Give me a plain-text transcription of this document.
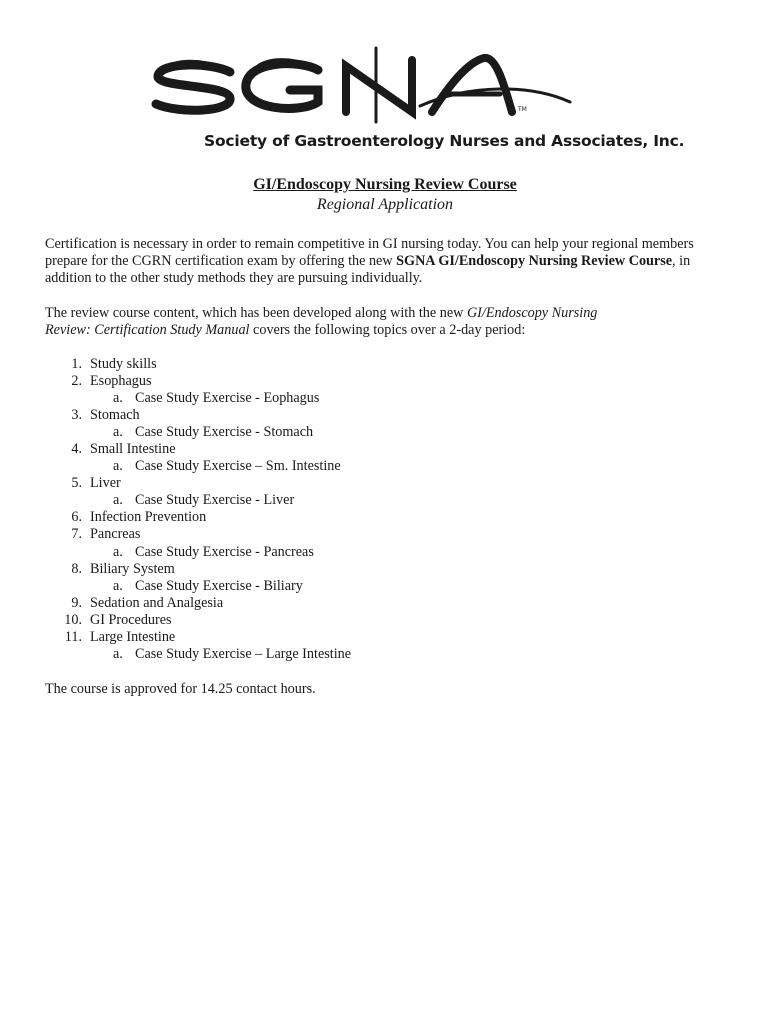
TM
Society of Gastroenterology Nurses and Associates, Inc.
GI/Endoscopy Nursing Review Course
Regional Application
Certification is necessary in order to remain competitive in GI nursing today. You can help your regional members
prepare for the CGRN certification exam by offering the new SGNA GI/Endoscopy Nursing Review Course, in
addition to the other study methods they are pursuing individually.
The review course content, which has been developed along with the new GI/Endoscopy Nursing
Review: Certification Study Manual covers the following topics over a 2-day period:
1. Study skills
2. Esophagus
a. Case Study Exercise - Eophagus
3. Stomach
a. Case Study Exercise - Stomach
4. Small Intestine
a. Case Study Exercise – Sm. Intestine
5. Liver
a. Case Study Exercise - Liver
6. Infection Prevention
7. Pancreas
a. Case Study Exercise - Pancreas
8. Biliary System
a. Case Study Exercise - Biliary
9. Sedation and Analgesia
10. GI Procedures
11. Large Intestine
a. Case Study Exercise – Large Intestine
The course is approved for 14.25 contact hours.
